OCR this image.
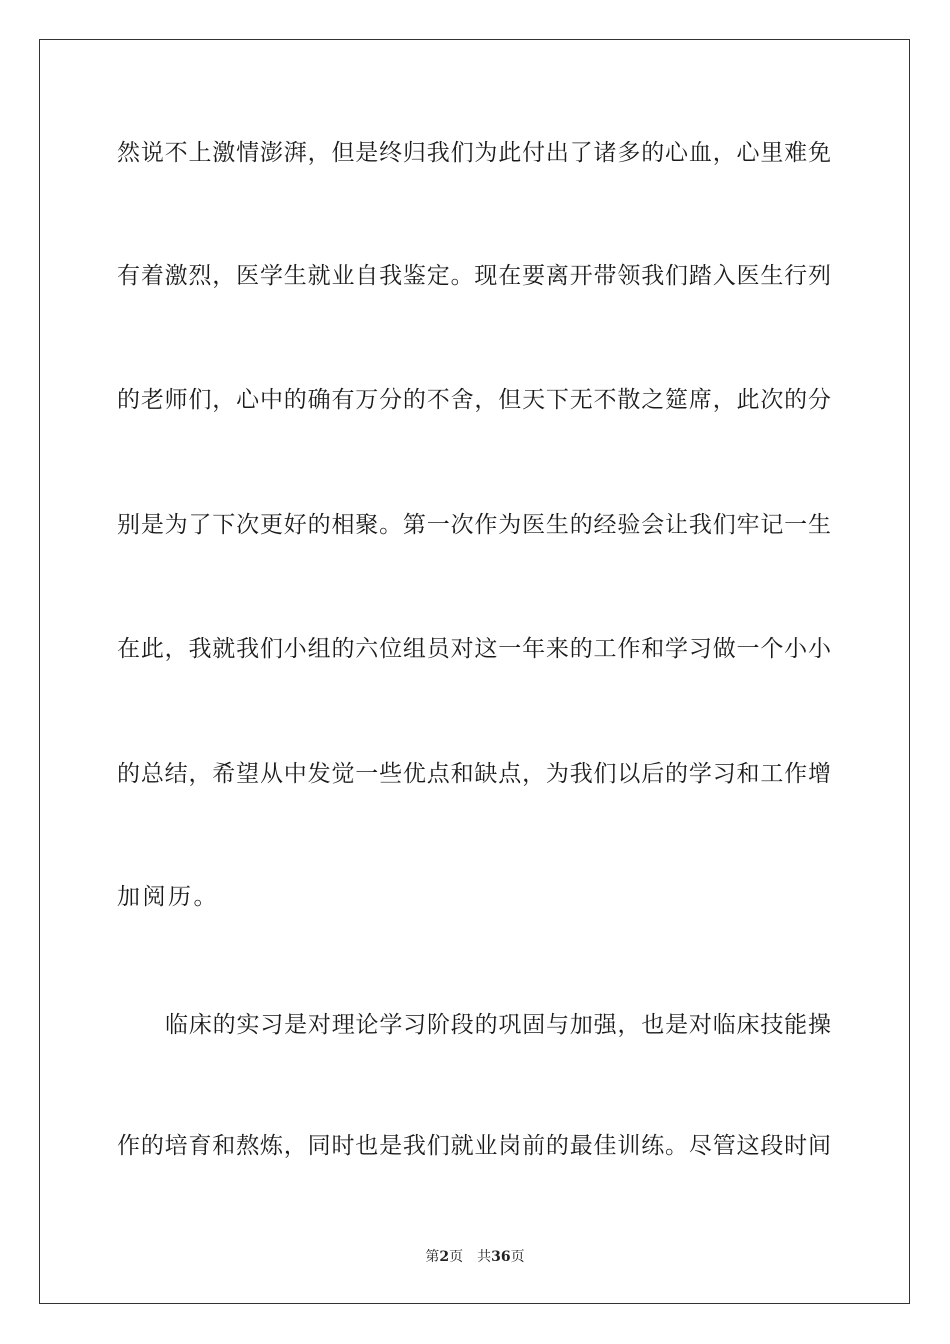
然说不上激情澎湃，但是终归我们为此付出了诸多的心血，心里难免
有着激烈，医学生就业自我鉴定。现在要离开带领我们踏入医生行列
的老师们，心中的确有万分的不舍，但天下无不散之筵席，此次的分
别是为了下次更好的相聚。第一次作为医生的经验会让我们牢记一生
在此，我就我们小组的六位组员对这一年来的工作和学习做一个小小
的总结，希望从中发觉一些优点和缺点，为我们以后的学习和工作增
加阅历。
临床的实习是对理论学习阶段的巩固与加强，也是对临床技能操
作的培育和熬炼，同时也是我们就业岗前的最佳训练。尽管这段时间
第2页 共36页
